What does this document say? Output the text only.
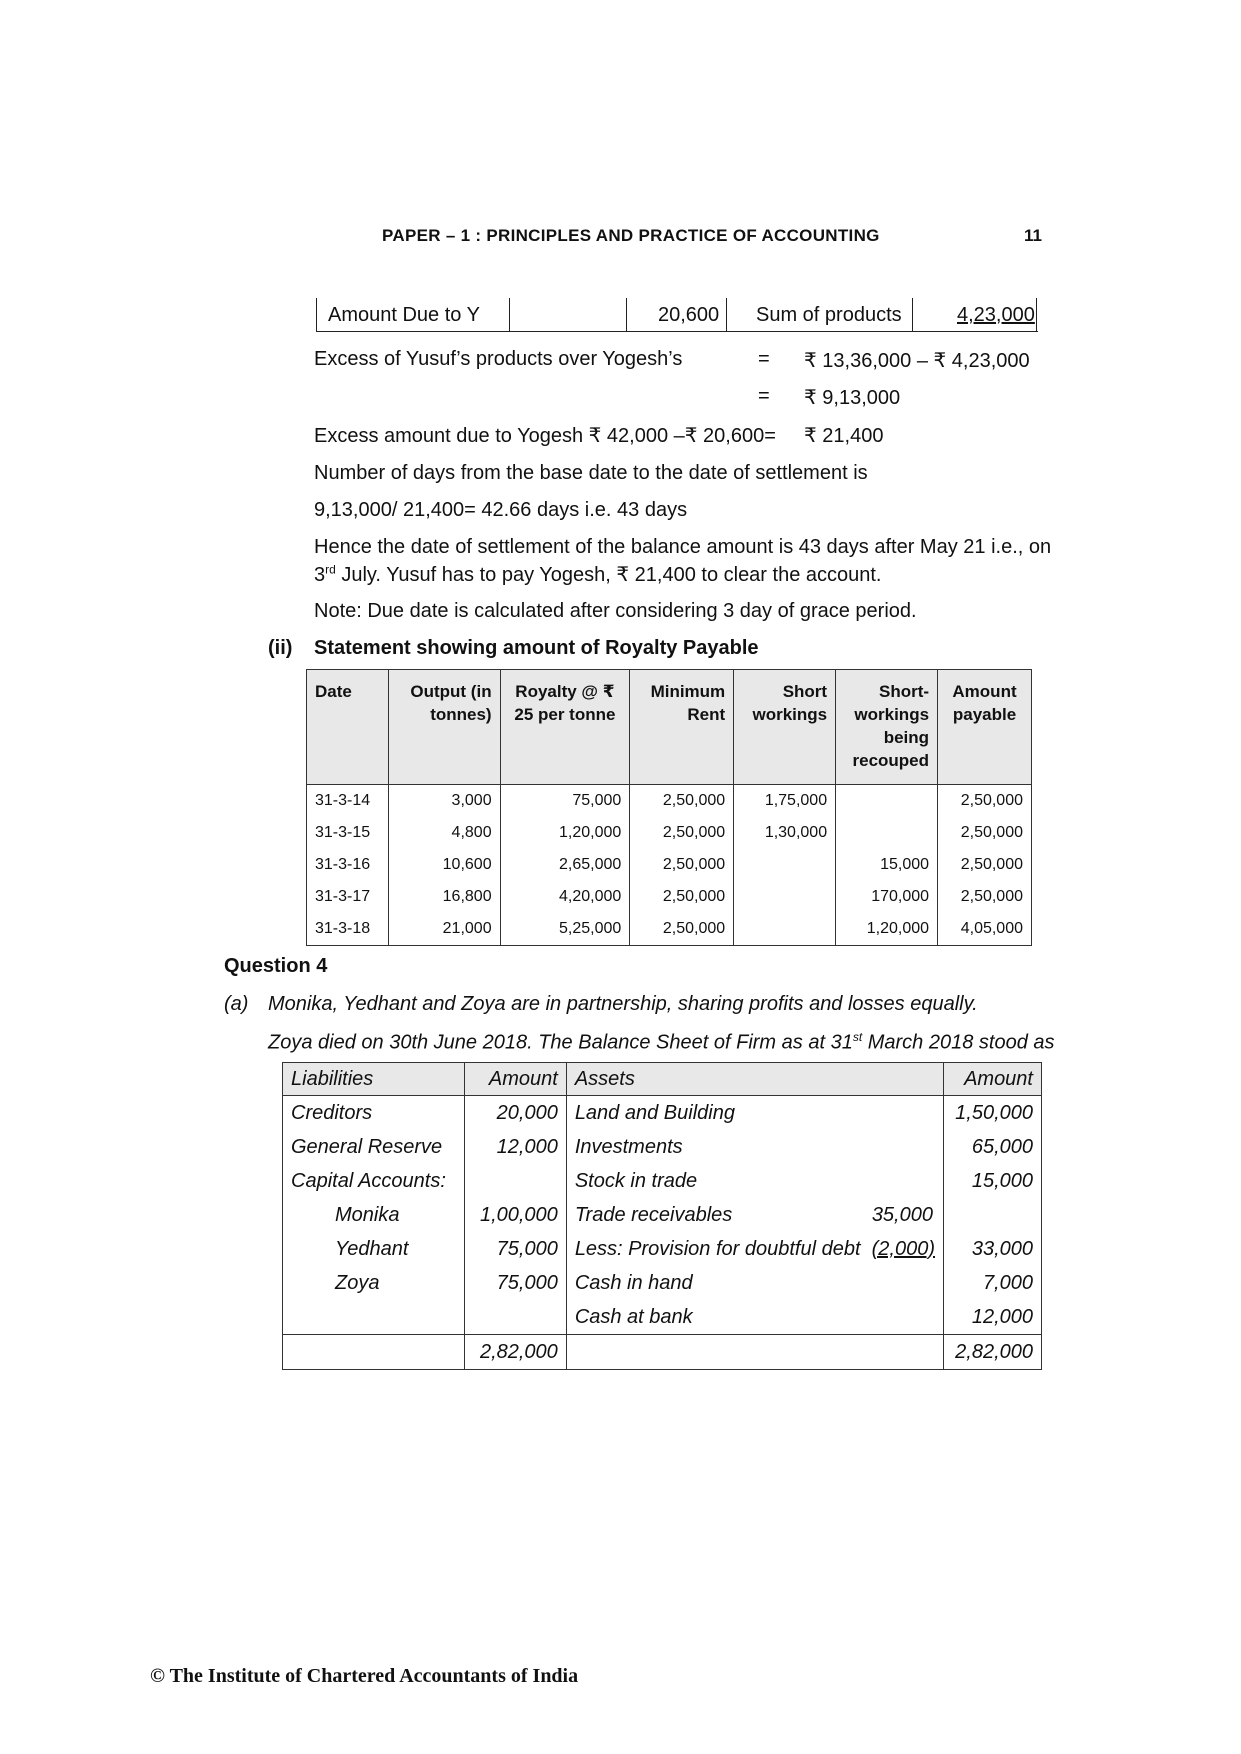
PAPER – 1 : PRINCIPLES AND PRACTICE OF ACCOUNTING	11
Amount Due to Y	20,600 Sum of products	4,23,000
Excess of Yusuf’s products over Yogesh’s	= ₹ 13,36,000 – ₹ 4,23,000
= ₹ 9,13,000
Excess amount due to Yogesh ₹ 42,000 –₹ 20,600= ₹ 21,400
Number of days from the base date to the date of settlement is
9,13,000/ 21,400= 42.66 days i.e. 43 days
Hence the date of settlement of the balance amount is 43 days after May 21 i.e., on
3rd July. Yusuf has to pay Yogesh, ₹ 21,400 to clear the account.
Note: Due date is calculated after considering 3 day of grace period.
(ii) Statement showing amount of Royalty Payable
Date	Output (in tonnes)	Royalty @ ₹ 25 per tonne	Minimum Rent	Short workings	Short-workings being recouped	Amount payable
31-3-14	3,000	75,000	2,50,000	1,75,000		2,50,000
31-3-15	4,800	1,20,000	2,50,000	1,30,000		2,50,000
31-3-16	10,600	2,65,000	2,50,000		15,000	2,50,000
31-3-17	16,800	4,20,000	2,50,000		170,000	2,50,000
31-3-18	21,000	5,25,000	2,50,000		1,20,000	4,05,000
Question 4
(a) Monika, Yedhant and Zoya are in partnership, sharing profits and losses equally.
Zoya died on 30th June 2018. The Balance Sheet of Firm as at 31st March 2018 stood as
Liabilities	Amount	Assets	Amount
Creditors	20,000	Land and Building	1,50,000
General Reserve	12,000	Investments	65,000
Capital Accounts:		Stock in trade	15,000
Monika	1,00,000	Trade receivables 35,000	

Yedhant	75,000	Less: Provision for doubtful debt (2,000)	33,000
Zoya	75,000	Cash in hand	7,000
		Cash at bank	12,000
	2,82,000		2,82,000
© The Institute of Chartered Accountants of India
